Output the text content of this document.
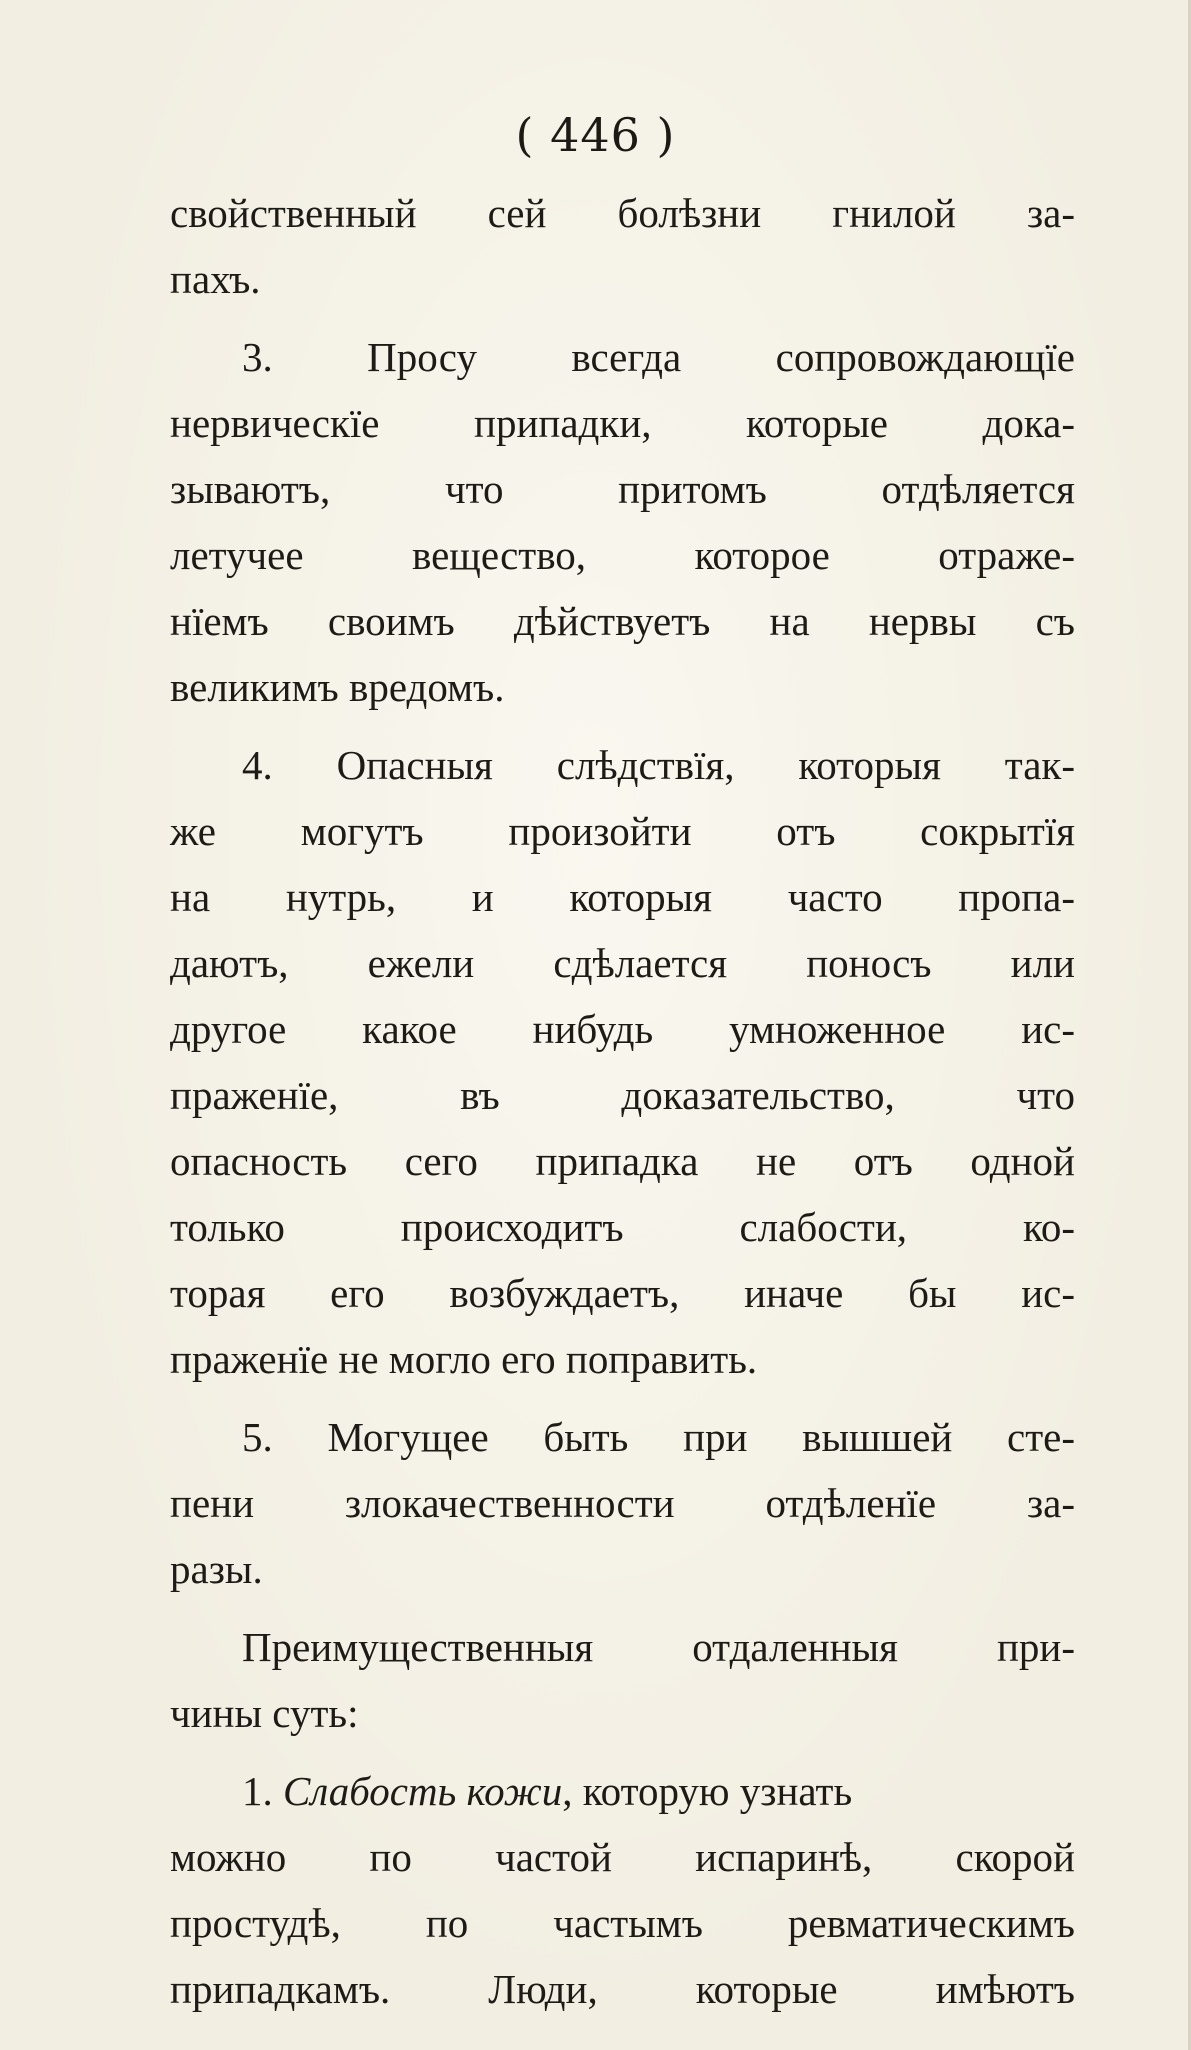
( 446 )
свойственный сей болѣзни гнилой за-
пахъ.
3. Просу всегда сопровождающїе
нервическїе припадки, которые дока-
зываютъ, что притомъ отдѣляется
летучее вещество, которое отраже-
нїемъ своимъ дѣйствуетъ на нервы съ
великимъ вредомъ.
4. Опасныя слѣдствїя, которыя так-
же могутъ произойти отъ сокрытїя
на нутрь, и которыя часто пропа-
даютъ, ежели сдѣлается поносъ или
другое какое нибудь умноженное ис-
праженїе, въ доказательство, что
опасность сего припадка не отъ одной
только происходитъ слабости, ко-
торая его возбуждаетъ, иначе бы ис-
праженїе не могло его поправить.
5. Могущее быть при вышшей сте-
пени злокачественности отдѣленїе за-
разы.
Преимущественныя отдаленныя при-
чины суть:
1. Слабость кожи, которую узнать
можно по частой испаринѣ, скорой
простудѣ, по частымъ ревматическимъ
припадкамъ. Люди, которые имѣютъ
